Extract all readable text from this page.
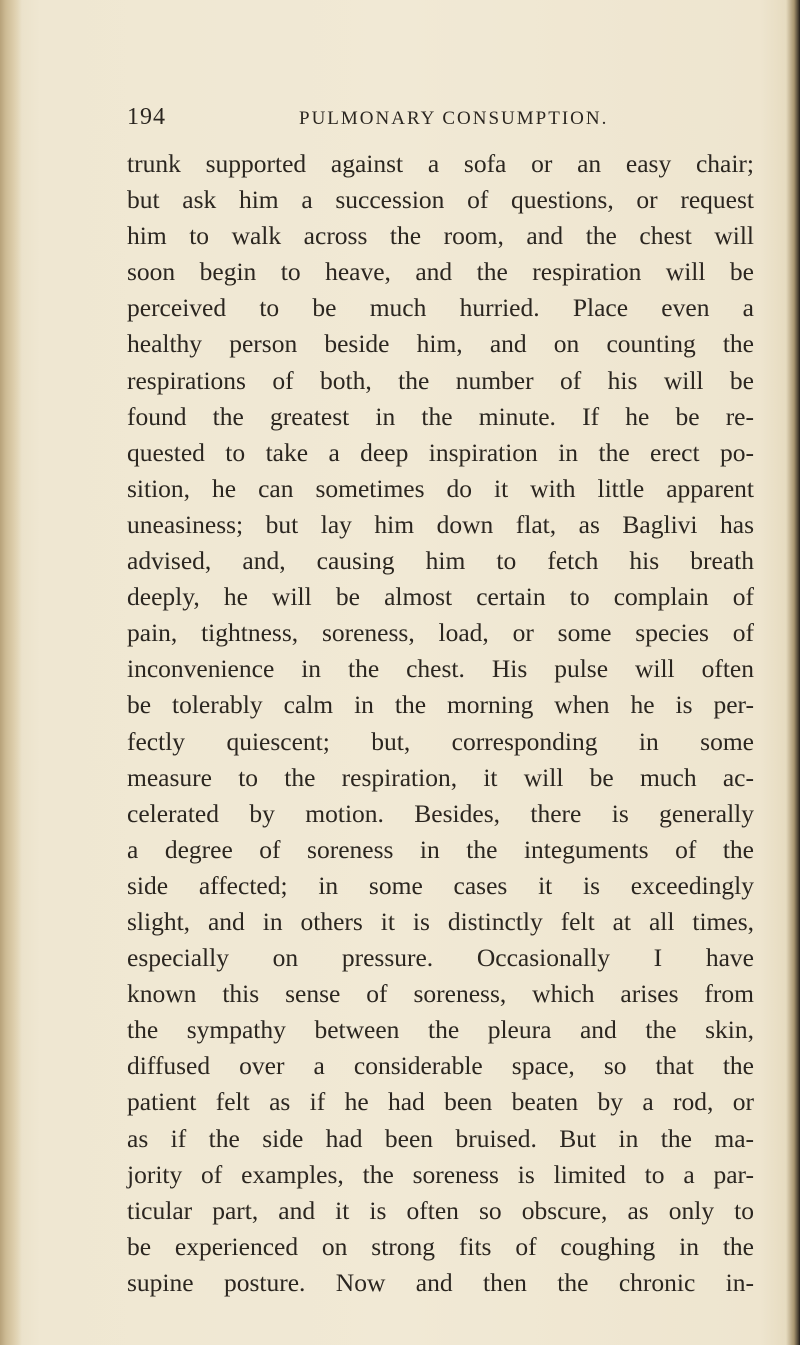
194	PULMONARY CONSUMPTION.
trunk supported against a sofa or an easy chair;
but ask him a succession of questions, or request
him to walk across the room, and the chest will
soon begin to heave, and the respiration will be
perceived to be much hurried. Place even a
healthy person beside him, and on counting the
respirations of both, the number of his will be
found the greatest in the minute. If he be re-
quested to take a deep inspiration in the erect po-
sition, he can sometimes do it with little apparent
uneasiness; but lay him down flat, as Baglivi has
advised, and, causing him to fetch his breath
deeply, he will be almost certain to complain of
pain, tightness, soreness, load, or some species of
inconvenience in the chest. His pulse will often
be tolerably calm in the morning when he is per-
fectly quiescent; but, corresponding in some
measure to the respiration, it will be much ac-
celerated by motion. Besides, there is generally
a degree of soreness in the integuments of the
side affected; in some cases it is exceedingly
slight, and in others it is distinctly felt at all times,
especially on pressure. Occasionally I have
known this sense of soreness, which arises from
the sympathy between the pleura and the skin,
diffused over a considerable space, so that the
patient felt as if he had been beaten by a rod, or
as if the side had been bruised. But in the ma-
jority of examples, the soreness is limited to a par-
ticular part, and it is often so obscure, as only to
be experienced on strong fits of coughing in the
supine posture. Now and then the chronic in-
